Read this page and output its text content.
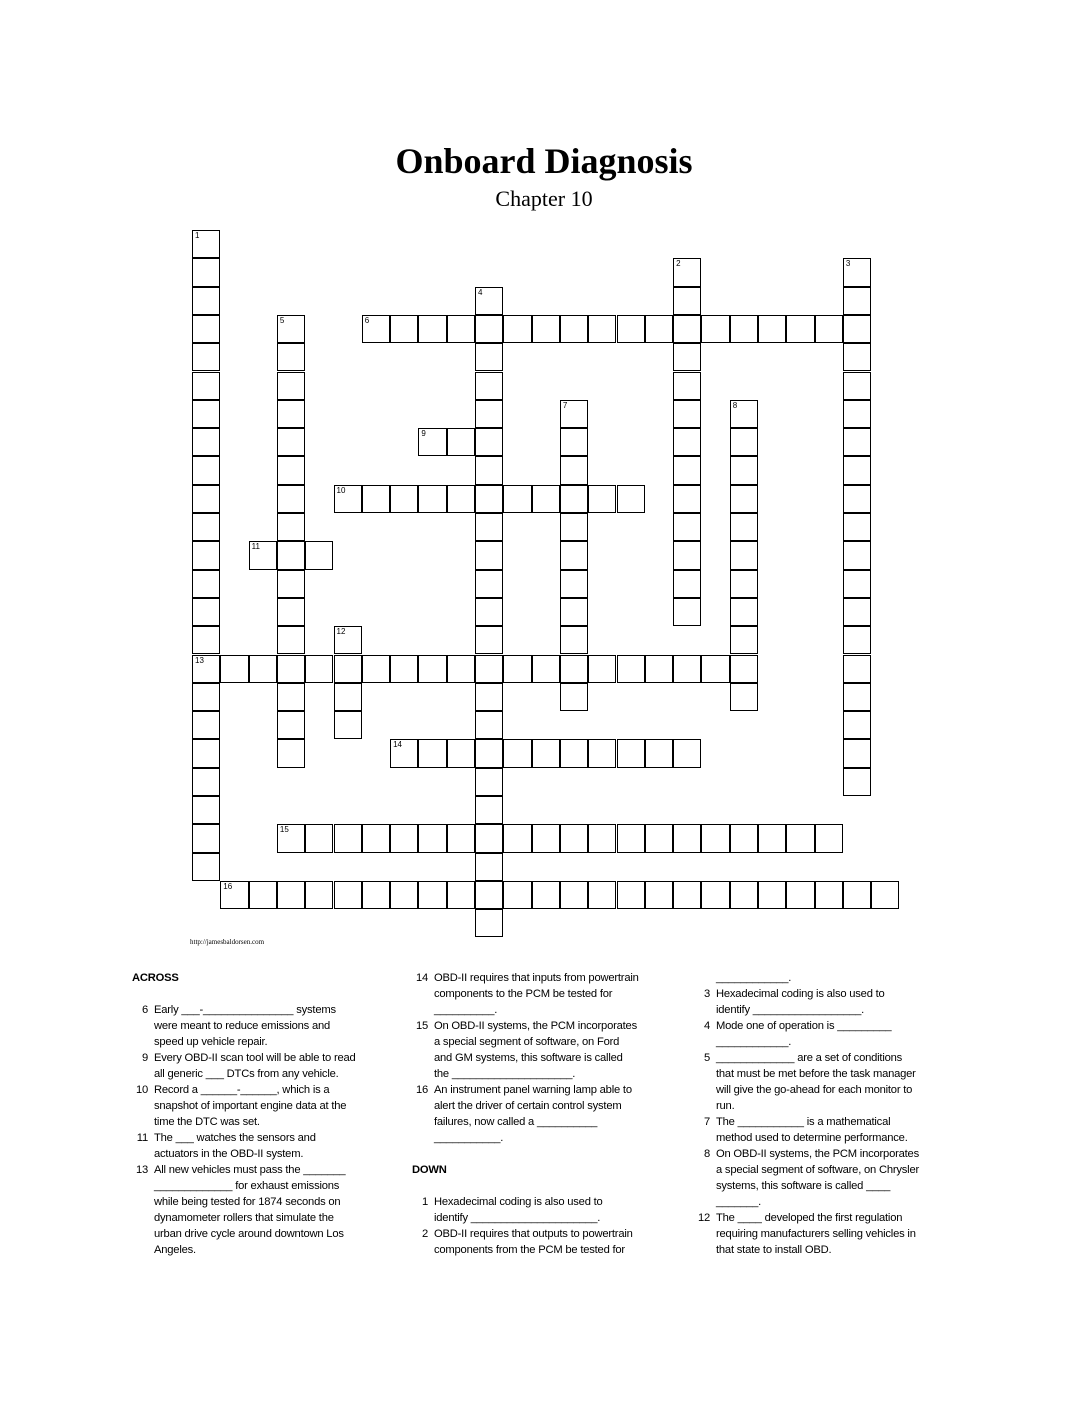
Onboard Diagnosis
Chapter 10
1
13
2	3
4
5	6
7	8
9
10
11
12
14
15
16
http://jamesbaldorsen.com
ACROSS
6 Early ___-_______________ systems
were meant to reduce emissions and
speed up vehicle repair.
9 Every OBD-II scan tool will be able to read
all generic ___ DTCs from any vehicle.
10 Record a ______-______, which is a
snapshot of important engine data at the
time the DTC was set.
11 The ___ watches the sensors and
actuators in the OBD-II system.
13 All new vehicles must pass the _______
_____________ for exhaust emissions
while being tested for 1874 seconds on
dynamometer rollers that simulate the
urban drive cycle around downtown Los
Angeles.
14 OBD-II requires that inputs from powertrain
components to the PCM be tested for
__________.
15 On OBD-II systems, the PCM incorporates
a special segment of software, on Ford
and GM systems, this software is called
the ____________________.
16 An instrument panel warning lamp able to
alert the driver of certain control system
failures, now called a __________
___________.
DOWN
1 Hexadecimal coding is also used to
identify _____________________.
2 OBD-II requires that outputs to powertrain
components from the PCM be tested for
____________.
3 Hexadecimal coding is also used to
identify __________________.
4 Mode one of operation is _________
____________.
5 _____________ are a set of conditions
that must be met before the task manager
will give the go-ahead for each monitor to
run.
7 The ___________ is a mathematical
method used to determine performance.
8 On OBD-II systems, the PCM incorporates
a special segment of software, on Chrysler
systems, this software is called ____
_______.
12 The ____ developed the first regulation
requiring manufacturers selling vehicles in
that state to install OBD.
